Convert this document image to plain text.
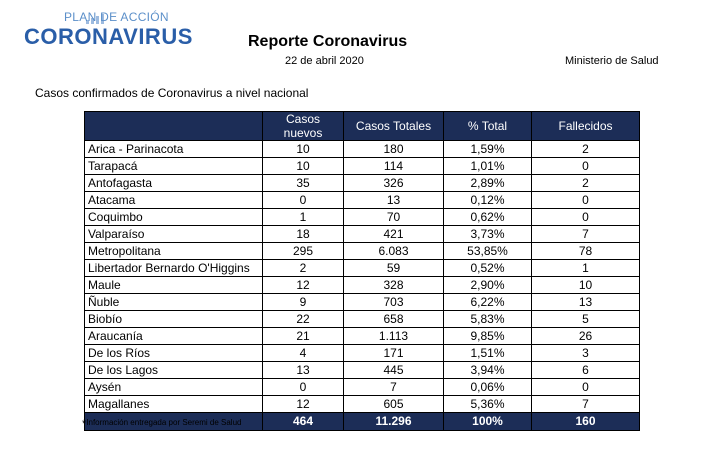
PLAN DE ACCIÓN
CORONAVIRUS	Reporte Coronavirus
22 de abril 2020	Ministerio de Salud
Casos confirmados de Coronavirus a nivel nacional
	Casos nuevos	Casos Totales	% Total	Fallecidos
Arica - Parinacota	10	180	1,59%	2
Tarapacá	10	114	1,01%	0
Antofagasta	35	326	2,89%	2
Atacama	0	13	0,12%	0
Coquimbo	1	70	0,62%	0
Valparaíso	18	421	3,73%	7
Metropolitana	295	6.083	53,85%	78
Libertador Bernardo O'Higgins	2	59	0,52%	1
Maule	12	328	2,90%	10
Ñuble	9	703	6,22%	13
Biobío	22	658	5,83%	5
Araucanía	21	1.113	9,85%	26
De los Ríos	4	171	1,51%	3
De los Lagos	13	445	3,94%	6
Aysén	0	7	0,06%	0
Magallanes	12	605	5,36%	7
	464	11.296	100%	160
*Información entregada por Seremi de Salud
